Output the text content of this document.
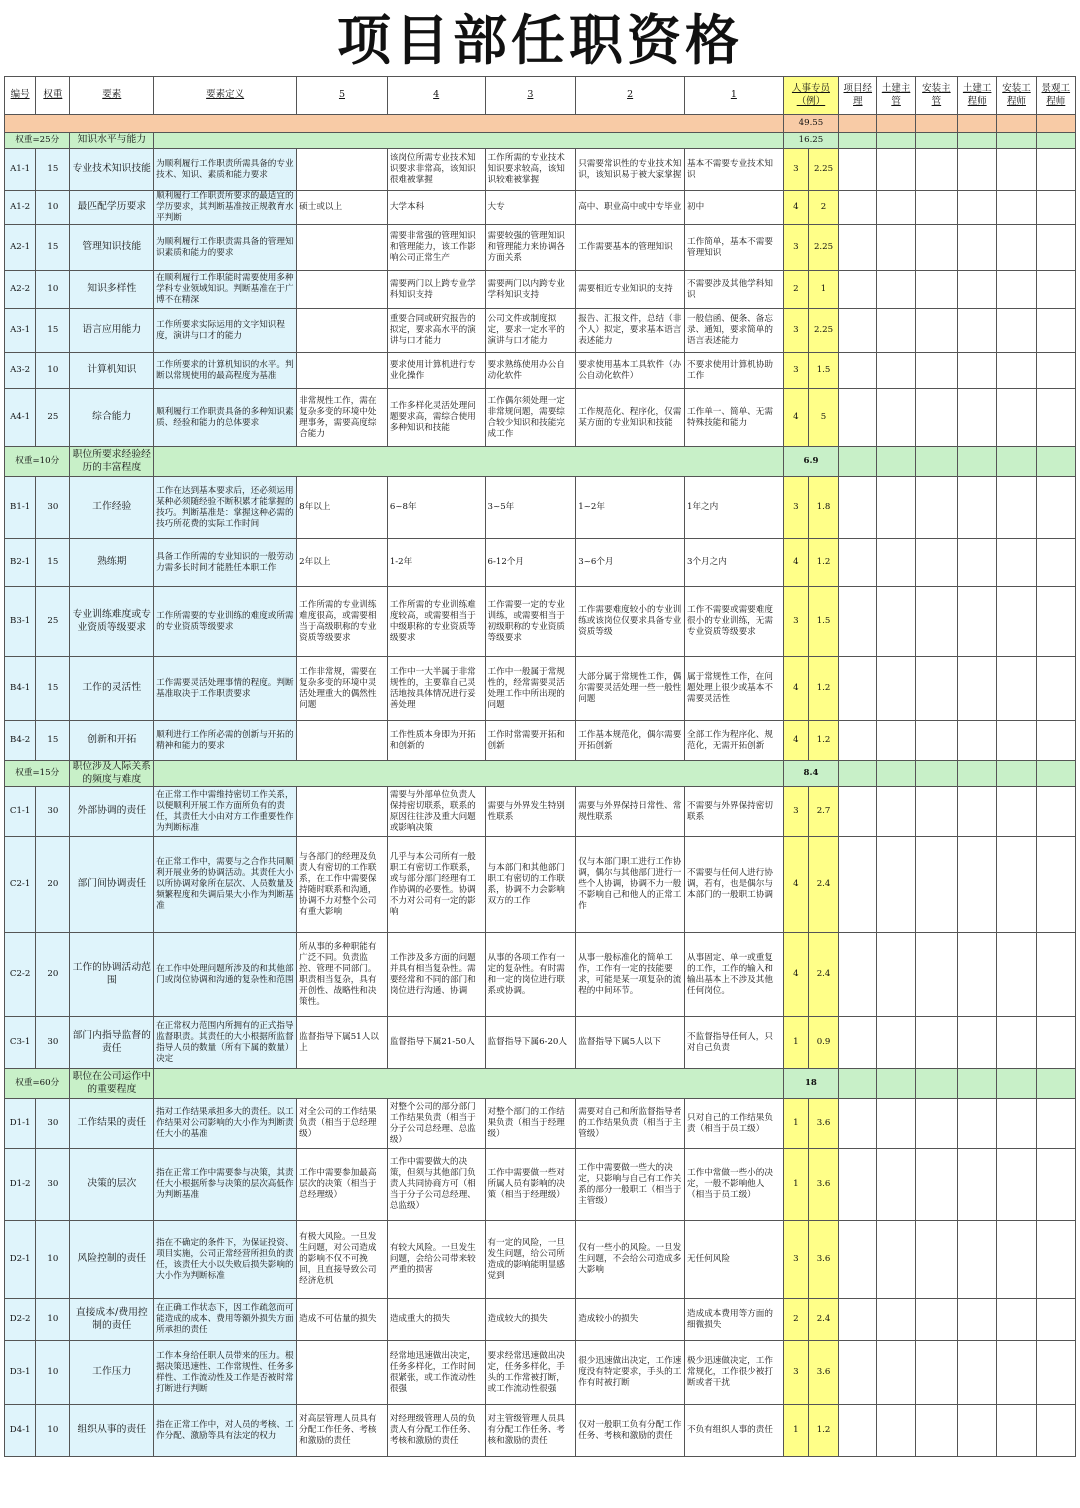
项目部任职资格
编号	权重	要素	要素定义	5	4	3	2	1	人事专员（例）		项目经理	土建主管	安装主管	土建工程师	安装工程师	景观工程师
									49.55							
权重=25分		知识水平与能力							16.25							
A1-1	15	专业技术知识技能	为顺利履行工作职责所需具备的专业技术、知识、素质和能力要求		该岗位所需专业技术知识要求非常高，该知识很难被掌握	工作所需的专业技术知识要求较高，该知识较难被掌握	只需要常识性的专业技术知识，该知识易于被大家掌握	基本不需要专业技术知识	3	2.25						
A1-2	10	最匹配学历要求	顺利履行工作职责所要求的最适宜的学历要求，其判断基准按正规教育水平判断	硕士或以上	大学本科	大专	高中、职业高中或中专毕业	初中	4	2						
A2-1	15	管理知识技能	为顺利履行工作职责需具备的管理知识素质和能力的要求		需要非常强的管理知识和管理能力，该工作影响公司正常生产	需要较强的管理知识和管理能力来协调各方面关系	工作需要基本的管理知识	工作简单，基本不需要管理知识	3	2.25						
A2-2	10	知识多样性	在顺利履行工作职能时需要使用多种学科专业领域知识。判断基准在于广博不在精深		需要两门以上跨专业学科知识支持	需要两门以内跨专业学科知识支持	需要相近专业知识的支持	不需要涉及其他学科知识	2	1						
A3-1	15	语言应用能力	工作所要求实际运用的文字知识程度，演讲与口才的能力		重要合同或研究报告的拟定，要求高水平的演讲与口才能力	公司文件或制度拟定，要求一定水平的演讲与口才能力	报告、汇报文件，总结（非个人）拟定，要求基本语言表述能力	一般信函、便条、备忘录、通知，要求简单的语言表述能力	3	2.25						
A3-2	10	计算机知识	工作所要求的计算机知识的水平。判断以常规使用的最高程度为基准		要求使用计算机进行专业化操作	要求熟练使用办公自动化软件	要求使用基本工具软件（办公自动化软件）	不要求使用计算机协助工作	3	1.5						
A4-1	25	综合能力	顺利履行工作职责具备的多种知识素质、经验和能力的总体要求	非常规性工作，需在复杂多变的环境中处理事务，需要高度综合能力	工作多样化灵活处理问题要求高，需综合使用多种知识和技能	工作偶尔须处理一定非常规问题，需要综合较少知识和技能完成工作	工作规范化、程序化，仅需某方面的专业知识和技能	工作单一、简单、无需特殊技能和能力	4	5						
权重=10分		职位所要求经验经历的丰富程度							6.9							
B1-1	30	工作经验	工作在达到基本要求后，还必须运用某种必须随经验不断积累才能掌握的技巧。判断基准是：掌握这种必需的技巧所花费的实际工作时间	8年以上	6~8年	3~5年	1~2年	1年之内	3	1.8						
B2-1	15	熟练期	具备工作所需的专业知识的一般劳动力需多长时间才能胜任本职工作	2年以上	1-2年	6-12个月	3~6个月	3个月之内	4	1.2						
B3-1	25	专业训练难度或专业资质等级要求	工作所需要的专业训练的难度或所需的专业资质等级要求	工作所需的专业训练难度很高，或需要相当于高级职称的专业资质等级要求	工作所需的专业训练难度较高，或需要相当于中级职称的专业资质等级要求	工作需要一定的专业训练，或需要相当于初级职称的专业资质等级要求	工作需要难度较小的专业训练或该岗位仅要求具备专业资质等级	工作不需要或需要难度很小的专业训练，无需专业资质等级要求	3	1.5						
B4-1	15	工作的灵活性	工作需要灵活处理事情的程度。判断基准取决于工作职责要求	工作非常规，需要在复杂多变的环境中灵活处理重大的偶然性问题	工作中一大半属于非常规性的，主要靠自己灵活地按具体情况进行妥善处理	工作中一般属于常规性的，经常需要灵活处理工作中所出现的问题	大部分属于常规性工作，偶尔需要灵活处理一些一般性问题	属于常规性工作，在问题处理上很少或基本不需要灵活性	4	1.2						
B4-2	15	创新和开拓	顺利进行工作所必需的创新与开拓的精神和能力的要求		工作性质本身即为开拓和创新的	工作时常需要开拓和创新	工作基本规范化，偶尔需要开拓创新	全部工作为程序化、规范化，无需开拓创新	4	1.2						
权重=15分		职位涉及人际关系的频度与难度							8.4							
C1-1	30	外部协调的责任	在正常工作中需维持密切工作关系，以便顺利开展工作方面所负有的责任，其责任大小由对方工作重要性作为判断标准		需要与外部单位负责人保持密切联系，联系的原因往往涉及重大问题或影响决策	需要与外界发生特别性联系	需要与外界保持日常性、常规性联系	不需要与外界保持密切联系	3	2.7						
C2-1	20	部门间协调责任	在正常工作中，需要与之合作共同顺利开展业务的协调活动。其责任大小以所协调对象所在层次、人员数量及频繁程度和失调后果大小作为判断基准	与各部门的经理及负责人有密切的工作联系，在工作中需要保持随时联系和沟通，协调不力对整个公司有重大影响	几乎与本公司所有一般职工有密切工作联系，或与部分部门经理有工作协调的必要性。协调不力对公司有一定的影响	与本部门和其他部门职工有密切的工作联系，协调不力会影响双方的工作	仅与本部门职工进行工作协调，偶尔与其他部门进行一些个人协调，协调不力一般不影响自己和他人的正常工作	不需要与任何人进行协调，若有，也是偶尔与本部门的一般职工协调	4	2.4						
C2-2	20	工作的协调活动范围	在工作中处理问题所涉及的和其他部门或岗位协调和沟通的复杂性和范围	所从事的多种职能有广泛不同。负责监控、管理不同部门。职责相当复杂，具有开创性、战略性和决策性。	工作涉及多方面的问题并具有相当复杂性。需要经常和不同的部门和岗位进行沟通、协调	从事的各项工作有一定的复杂性。有时需和一定的岗位进行联系或协调。	从事一般标准化的简单工作，工作有一定的技能要求，可能是某一项复杂的流程的中间环节。	从事固定、单一或重复的工作，工作的输入和输出基本上不涉及其他任何岗位。	4	2.4						
C3-1	30	部门内指导监督的责任	在正常权力范围内所拥有的正式指导监督职责。其责任的大小根据所监督指导人员的数量（所有下属的数量）决定	监督指导下属51人以上	监督指导下属21-50人	监督指导下属6-20人	监督指导下属5人以下	不监督指导任何人，只对自己负责	1	0.9						
权重=60分		职位在公司运作中的重要程度							18							
D1-1	30	工作结果的责任	指对工作结果承担多大的责任。以工作结果对公司影响的大小作为判断责任大小的基准	对全公司的工作结果负责（相当于总经理级）	对整个公司的部分部门工作结果负责（相当于分子公司总经理、总监级）	对整个部门的工作结果负责（相当于经理级）	需要对自己和所监督指导者的工作结果负责（相当于主管级）	只对自己的工作结果负责（相当于员工级）	1	3.6						
D1-2	30	决策的层次	指在正常工作中需要参与决策，其责任大小根据所参与决策的层次高低作为判断基准	工作中需要参加最高层次的决策（相当于总经理级）	工作中需要做大的决策，但须与其他部门负责人共同协商方可（相当于分子公司总经理、总监级）	工作中需要做一些对所属人员有影响的决策（相当于经理级）	工作中需要做一些大的决定，只影响与自己有工作关系的部分一般职工（相当于主管级）	工作中常做一些小的决定，一般不影响他人（相当于员工级）	1	3.6						
D2-1	10	风险控制的责任	指在不确定的条件下，为保证投资、项目实施，公司正常经营所担负的责任，该责任大小以失败后损失影响的大小作为判断标准	有极大风险。一旦发生问题，对公司造成的影响不仅不可挽回，且直接导致公司经济危机	有较大风险。一旦发生问题，会给公司带来较严重的损害	有一定的风险，一旦发生问题，给公司所造成的影响能明显感觉到	仅有一些小的风险。一旦发生问题，不会给公司造成多大影响	无任何风险	3	3.6						
D2-2	10	直接成本/费用控制的责任	在正确工作状态下，因工作疏忽而可能造成的成本、费用等额外损失方面所承担的责任	造成不可估量的损失	造成重大的损失	造成较大的损失	造成较小的损失	造成成本费用等方面的细微损失	2	2.4						
D3-1	10	工作压力	工作本身给任职人员带来的压力。根据决策迅速性、工作常规性、任务多样性、工作流动性及工作是否被时常打断进行判断		经常地迅速做出决定，任务多样化，工作时间很紧张，或工作流动性很强	要求经常迅速做出决定，任务多样化，手头的工作常被打断，或工作流动性很强	很少迅速做出决定，工作速度没有特定要求，手头的工作有时被打断	极少迅速做决定，工作常规化，工作很少被打断或者干扰	3	3.6						
D4-1	10	组织从事的责任	指在正常工作中，对人员的考核、工作分配、激励等具有法定的权力	对高层管理人员具有分配工作任务、考核和激励的责任	对经理级管理人员的负责人有分配工作任务、考核和激励的责任	对主管级管理人员具有分配工作任务、考核和激励的责任	仅对一般职工负有分配工作任务、考核和激励的责任	不负有组织人事的责任	1	1.2						
